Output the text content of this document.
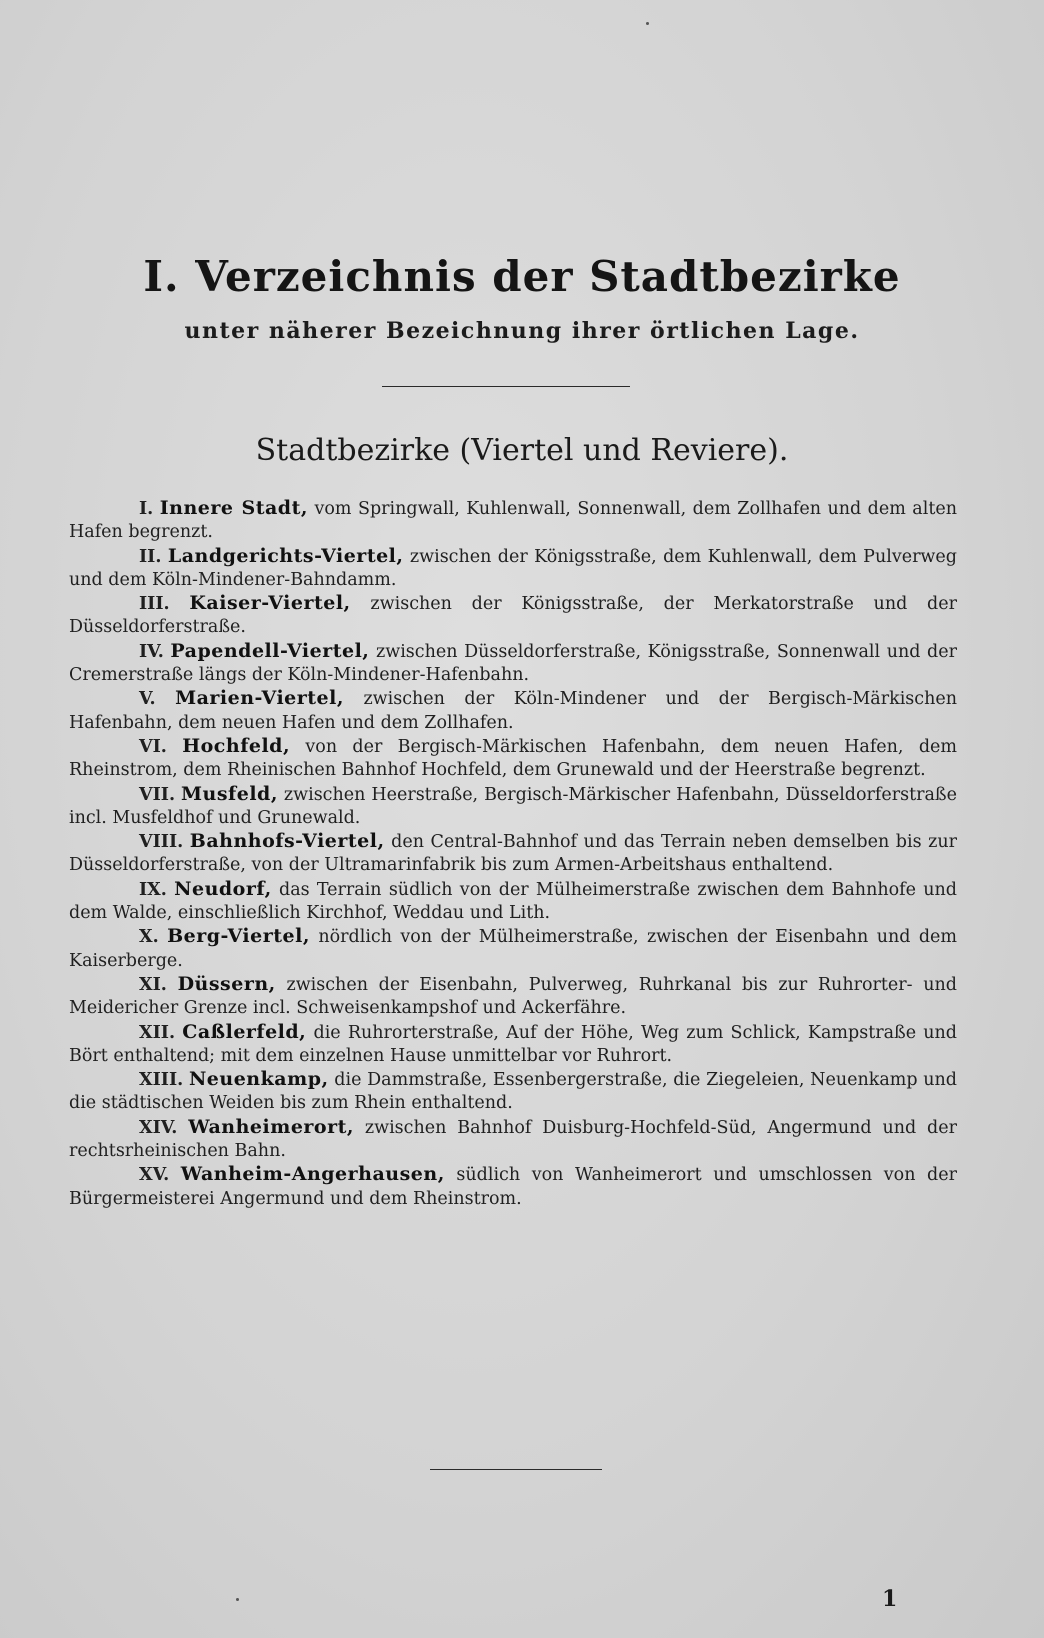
I. Verzeichnis der Stadtbezirke
unter näherer Bezeichnung ihrer örtlichen Lage.
Stadtbezirke (Viertel und Reviere).

I. Innere Stadt, vom Springwall, Kuhlenwall, Sonnenwall, dem Zollhafen und dem alten Hafen begrenzt.

II. Landgerichts-Viertel, zwischen der Königsstraße, dem Kuhlenwall, dem Pulverweg und dem Köln-Mindener-Bahndamm.

III. Kaiser-Viertel, zwischen der Königsstraße, der Merkatorstraße und der Düsseldorferstraße.

IV. Papendell-Viertel, zwischen Düsseldorferstraße, Königsstraße, Sonnenwall und der Cremerstraße längs der Köln-Mindener-Hafenbahn.

V. Marien-Viertel, zwischen der Köln-Mindener und der Bergisch-Märkischen Hafenbahn, dem neuen Hafen und dem Zollhafen.

VI. Hochfeld, von der Bergisch-Märkischen Hafenbahn, dem neuen Hafen, dem Rheinstrom, dem Rheinischen Bahnhof Hochfeld, dem Grunewald und der Heerstraße begrenzt.

VII. Musfeld, zwischen Heerstraße, Bergisch-Märkischer Hafenbahn, Düsseldorferstraße incl. Musfeldhof und Grunewald.

VIII. Bahnhofs-Viertel, den Central-Bahnhof und das Terrain neben demselben bis zur Düsseldorferstraße, von der Ultramarinfabrik bis zum Armen-Arbeitshaus enthaltend.

IX. Neudorf, das Terrain südlich von der Mülheimerstraße zwischen dem Bahnhofe und dem Walde, einschließlich Kirchhof, Weddau und Lith.

X. Berg-Viertel, nördlich von der Mülheimerstraße, zwischen der Eisenbahn und dem Kaiserberge.

XI. Düssern, zwischen der Eisenbahn, Pulverweg, Ruhrkanal bis zur Ruhrorter- und Meidericher Grenze incl. Schweisenkampshof und Ackerfähre.

XII. Caßlerfeld, die Ruhrorterstraße, Auf der Höhe, Weg zum Schlick, Kampstraße und Bört enthaltend; mit dem einzelnen Hause unmittelbar vor Ruhrort.

XIII. Neuenkamp, die Dammstraße, Essenbergerstraße, die Ziegeleien, Neuenkamp und die städtischen Weiden bis zum Rhein enthaltend.

XIV. Wanheimerort, zwischen Bahnhof Duisburg-Hochfeld-Süd, Angermund und der rechtsrheinischen Bahn.

XV. Wanheim-Angerhausen, südlich von Wanheimerort und umschlossen von der Bürgermeisterei Angermund und dem Rheinstrom.

1
